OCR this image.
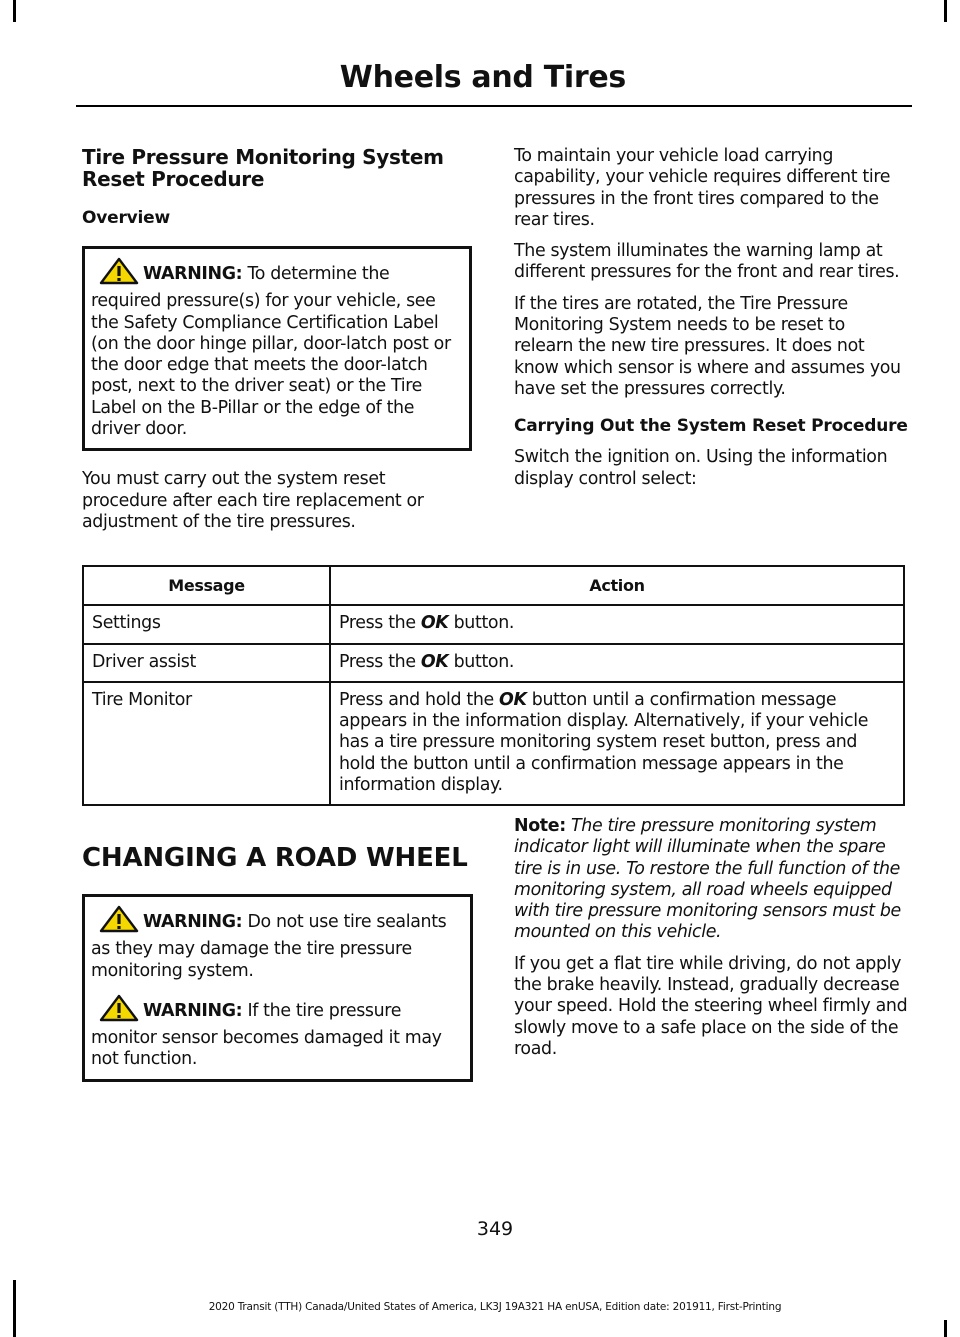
Wheels and Tires
Tire Pressure Monitoring System Reset Procedure
Overview

WARNING: To determine the required pressure(s) for your vehicle, see the Safety Compliance Certification Label (on the door hinge pillar, door-latch post or the door edge that meets the door-latch post, next to the driver seat) or the Tire Label on the B-Pillar or the edge of the driver door.

You must carry out the system reset procedure after each tire replacement or adjustment of the tire pressures.

To maintain your vehicle load carrying capability, your vehicle requires different tire pressures in the front tires compared to the rear tires.

The system illuminates the warning lamp at different pressures for the front and rear tires.

If the tires are rotated, the Tire Pressure Monitoring System needs to be reset to relearn the new tire pressures. It does not know which sensor is where and assumes you have set the pressures correctly.

Carrying Out the System Reset Procedure

Switch the ignition on. Using the information display control select:

Message	Action
Settings	Press the OK button.
Driver assist	Press the OK button.
Tire Monitor	Press and hold the OK button until a confirmation message appears in the information display. Alternatively, if your vehicle has a tire pressure monitoring system reset button, press and hold the button until a confirmation message appears in the information display.
CHANGING A ROAD WHEEL

WARNING: Do not use tire sealants as they may damage the tire pressure monitoring system.

WARNING: If the tire pressure monitor sensor becomes damaged it may not function.

Note: The tire pressure monitoring system indicator light will illuminate when the spare tire is in use. To restore the full function of the monitoring system, all road wheels equipped with tire pressure monitoring sensors must be mounted on this vehicle.

If you get a flat tire while driving, do not apply the brake heavily. Instead, gradually decrease your speed. Hold the steering wheel firmly and slowly move to a safe place on the side of the road.

349
2020 Transit (TTH) Canada/United States of America, LK3J 19A321 HA enUSA, Edition date: 201911, First-Printing
